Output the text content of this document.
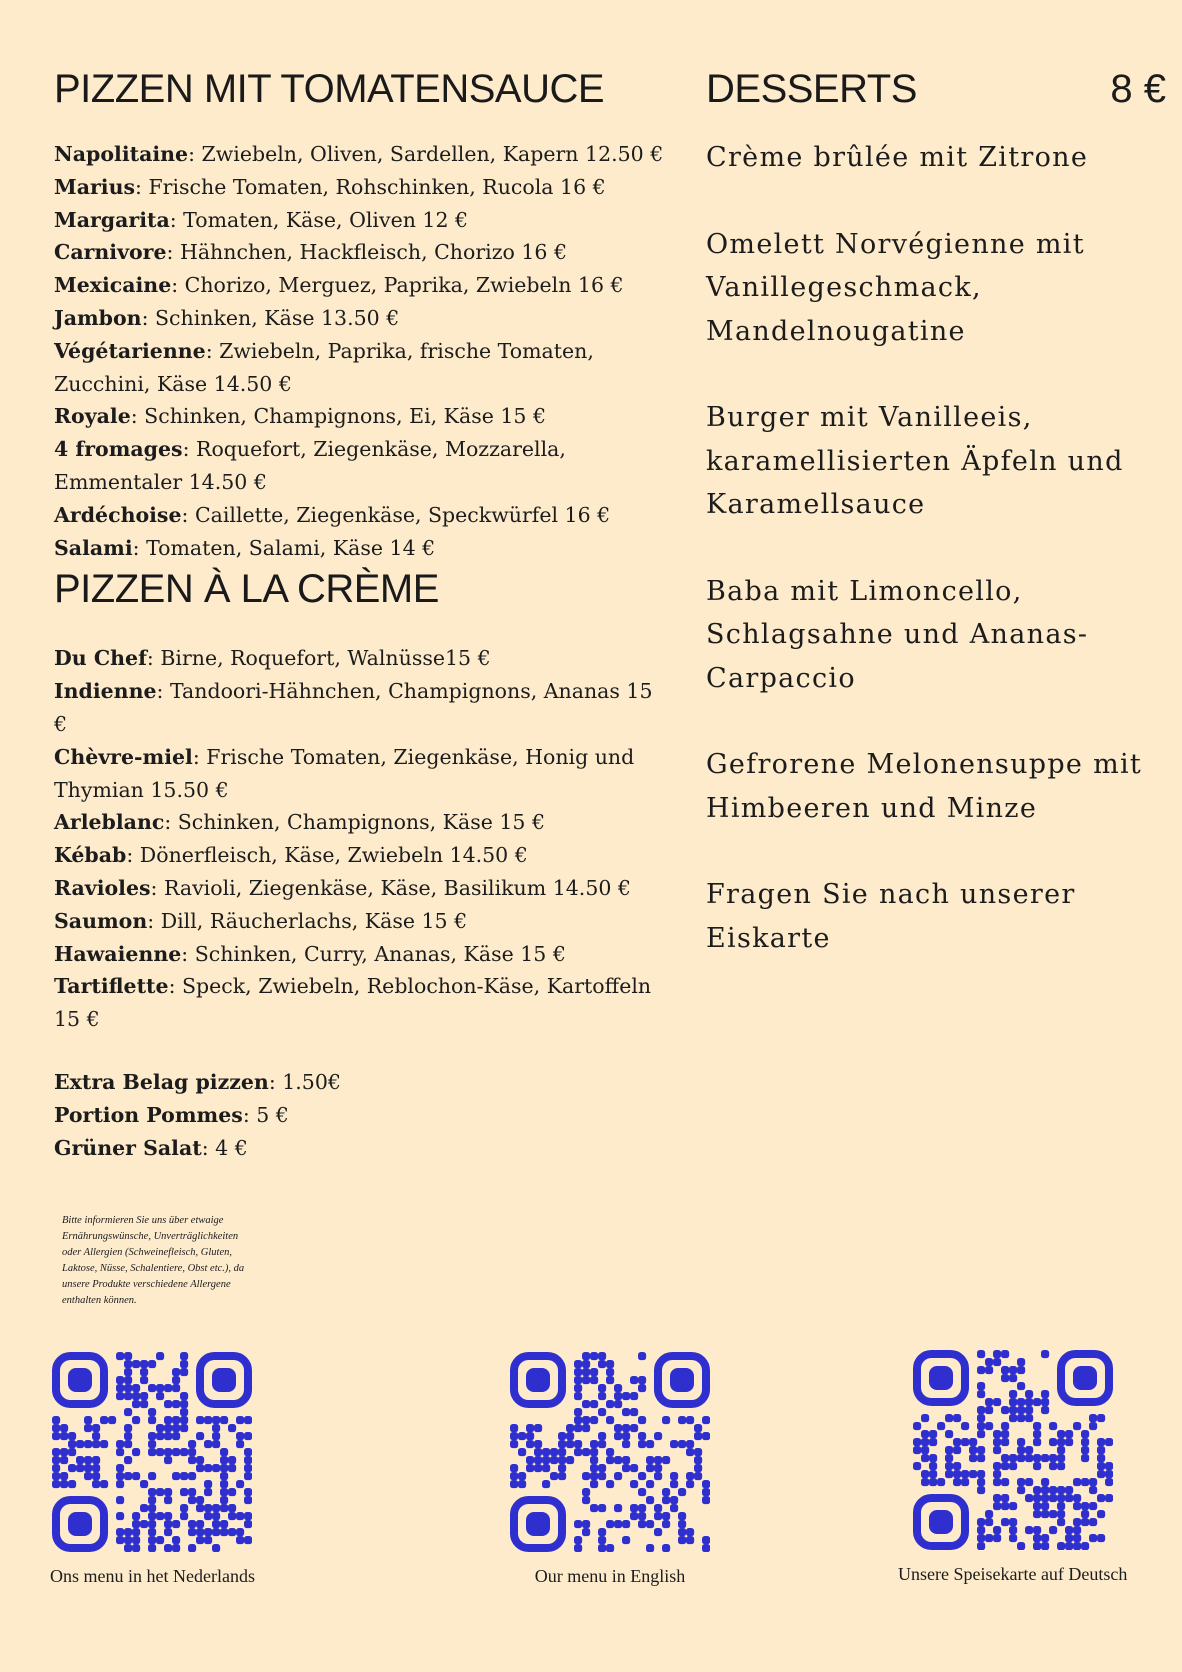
PIZZEN MIT TOMATENSAUCE
Napolitaine: Zwiebeln, Oliven, Sardellen, Kapern 12.50 €
Marius: Frische Tomaten, Rohschinken, Rucola 16 €
Margarita: Tomaten, Käse, Oliven 12 €
Carnivore: Hähnchen, Hackfleisch, Chorizo 16 €
Mexicaine: Chorizo, Merguez, Paprika, Zwiebeln 16 €
Jambon: Schinken, Käse 13.50 €
Végétarienne: Zwiebeln, Paprika, frische Tomaten, Zucchini, Käse 14.50 €
Royale: Schinken, Champignons, Ei, Käse 15 €
4 fromages: Roquefort, Ziegenkäse, Mozzarella, Emmentaler 14.50 €
Ardéchoise: Caillette, Ziegenkäse, Speckwürfel 16 €
Salami: Tomaten, Salami, Käse 14 €
PIZZEN À LA CRÈME
Du Chef: Birne, Roquefort, Walnüsse15 €
Indienne: Tandoori-Hähnchen, Champignons, Ananas 15 €
Chèvre-miel: Frische Tomaten, Ziegenkäse, Honig und Thymian 15.50 €
Arleblanc: Schinken, Champignons, Käse 15 €
Kébab: Dönerfleisch, Käse, Zwiebeln 14.50 €
Ravioles: Ravioli, Ziegenkäse, Käse, Basilikum 14.50 €
Saumon: Dill, Räucherlachs, Käse 15 €
Hawaienne: Schinken, Curry, Ananas, Käse 15 €
Tartiflette: Speck, Zwiebeln, Reblochon-Käse, Kartoffeln 15 €
Extra Belag pizzen: 1.50€
Portion Pommes: 5 €
Grüner Salat: 4 €
DESSERTS	8 €
Crème brûlée mit Zitrone
Omelett Norvégienne mit Vanillegeschmack, Mandelnougatine
Burger mit Vanilleeis, karamellisierten Äpfeln und Karamellsauce
Baba mit Limoncello, Schlagsahne und Ananas-Carpaccio
Gefrorene Melonensuppe mit Himbeeren und Minze
Fragen Sie nach unserer Eiskarte
Bitte informieren Sie uns über etwaige Ernährungswünsche, Unverträglichkeiten oder Allergien (Schweinefleisch, Gluten, Laktose, Nüsse, Schalentiere, Obst etc.), da unsere Produkte verschiedene Allergene enthalten können.
Ons menu in het Nederlands	Our menu in English	Unsere Speisekarte auf Deutsch
